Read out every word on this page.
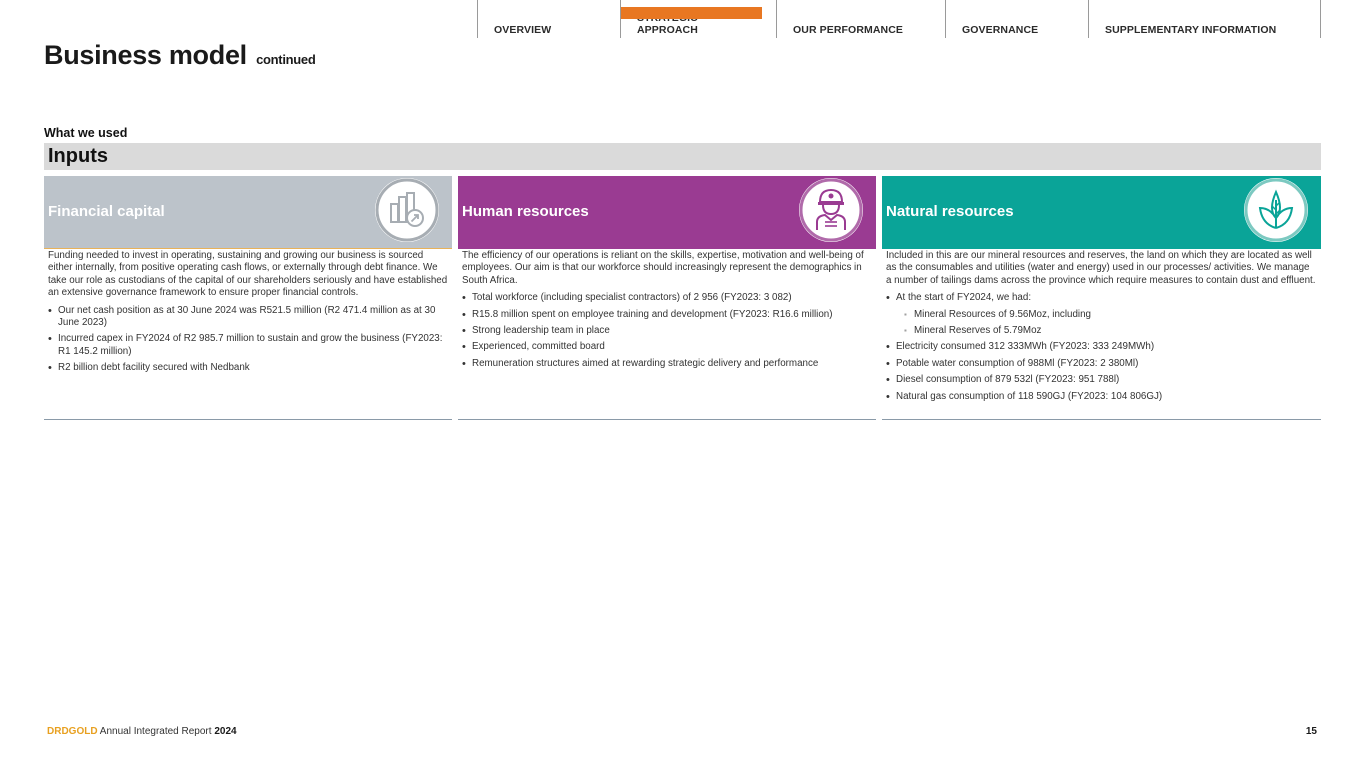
OVERVIEW	APPROACH	OUR PERFORMANCE	GOVERNANCE	SUPPLEMENTARY INFORMATION
Business model continued
What we used
Inputs
Financial capital

Funding needed to invest in operating, sustaining and growing our business is sourced either internally, from positive operating cash flows, or externally through debt finance. We take our role as custodians of the capital of our shareholders seriously and have established an extensive governance framework to ensure proper financial controls.

• Our net cash position as at 30 June 2024 was R521.5 million (R2 471.4 million as at 30 June 2023)
• Incurred capex in FY2024 of R2 985.7 million to sustain and grow the business (FY2023: R1 145.2 million)
• R2 billion debt facility secured with Nedbank
Human resources

The efficiency of our operations is reliant on the skills, expertise, motivation and well-being of employees. Our aim is that our workforce should increasingly represent the demographics in South Africa.

• Total workforce (including specialist contractors) of 2 956 (FY2023: 3 082)
• R15.8 million spent on employee training and development (FY2023: R16.6 million)
• Strong leadership team in place
• Experienced, committed board
• Remuneration structures aimed at rewarding strategic delivery and performance
Natural resources

Included in this are our mineral resources and reserves, the land on which they are located as well as the consumables and utilities (water and energy) used in our processes/ activities. We manage a number of tailings dams across the province which require measures to contain dust and effluent.

• At the start of FY2024, we had:
▪ Mineral Resources of 9.56Moz, including
▪ Mineral Reserves of 5.79Moz
• Electricity consumed 312 333MWh (FY2023: 333 249MWh)
• Potable water consumption of 988Ml (FY2023: 2 380Ml)
• Diesel consumption of 879 532l (FY2023: 951 788l)
• Natural gas consumption of 118 590GJ (FY2023: 104 806GJ)
DRDGOLD Annual Integrated Report 2024	15
